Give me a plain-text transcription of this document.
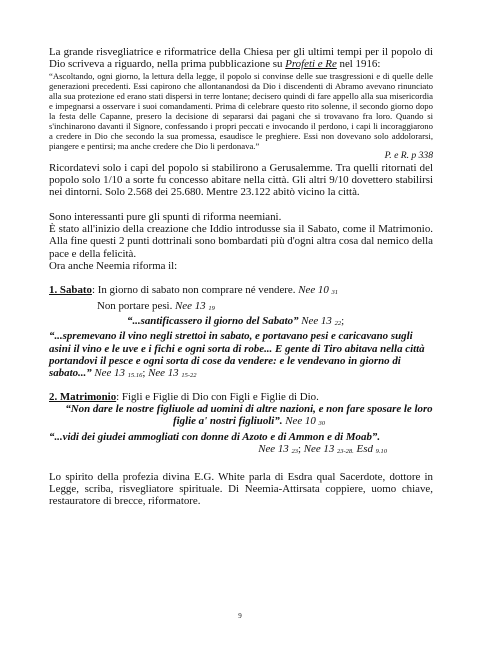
La grande risvegliatrice e riformatrice della Chiesa per gli ultimi tempi per il popolo di Dio scriveva a riguardo, nella prima pubblicazione su Profeti e Re nel 1916:

“Ascoltando, ogni giorno, la lettura della legge, il popolo si convinse delle sue trasgressioni e di quelle delle generazioni precedenti. Essi capirono che allontanandosi da Dio i discendenti di Abramo avevano rinunciato alla sua protezione ed erano stati dispersi in terre lontane; decisero quindi di fare appello alla sua misericordia e impegnarsi a osservare i suoi comandamenti. Prima di celebrare questo rito solenne, il secondo giorno dopo la festa delle Capanne, presero la decisione di separarsi dai pagani che si trovavano fra loro. Quando si s'inchinarono davanti il Signore, confessando i propri peccati e invocando il perdono, i capi li incoraggiarono a credere in Dio che secondo la sua promessa, esaudisce le preghiere. Essi non dovevano solo addolorarsi, piangere e pentirsi; ma anche credere che Dio li perdonava.”

P. e R. p 338

Ricordatevi solo i capi del popolo si stabilirono a Gerusalemme. Tra quelli ritornati del popolo solo 1/10 a sorte fu concesso abitare nella città. Gli altri 9/10 dovettero stabilirsi nei dintorni. Solo 2.568 dei 25.680. Mentre 23.122 abitò vicino la città.

Sono interessanti pure gli spunti di riforma neemiani.

È stato all'inizio della creazione che Iddio introdusse sia il Sabato, come il Matrimonio. Alla fine questi 2 punti dottrinali sono bombardati più d'ogni altra cosa dal nemico della pace e della felicità.

Ora anche Neemia riforma il:

1. Sabato: In giorno di sabato non comprare né vendere. Nee 10 31

Non portare pesi. Nee 13 19

“...santificassero il giorno del Sabato” Nee 13 22;

“...spremevano il vino negli strettoi in sabato, e portavano pesi e caricavano sugli asini il vino e le uve e i fichi e ogni sorta di robe... E gente di Tiro abitava nella città portandovi il pesce e ogni sorta di cose da vendere: e le vendevano in giorno di sabato...” Nee 13 15.16; Nee 13 15-22

2. Matrimonio: Figli e Figlie di Dio con Figli e Figlie di Dio.

“Non dare le nostre figliuole ad uomini di altre nazioni, e non fare sposare le loro figlie a' nostri figliuoli”. Nee 10 30

“...vidi dei giudei ammogliati con donne di Azoto e di Ammon e di Moab”.

Nee 13 23; Nee 13 23-28. Esd 9.10

Lo spirito della profezia divina E.G. White parla di Esdra qual Sacerdote, dottore in Legge, scriba, risvegliatore spirituale. Di Neemia-Attirsata coppiere, uomo chiave, restauratore di brecce, riformatore.

9
